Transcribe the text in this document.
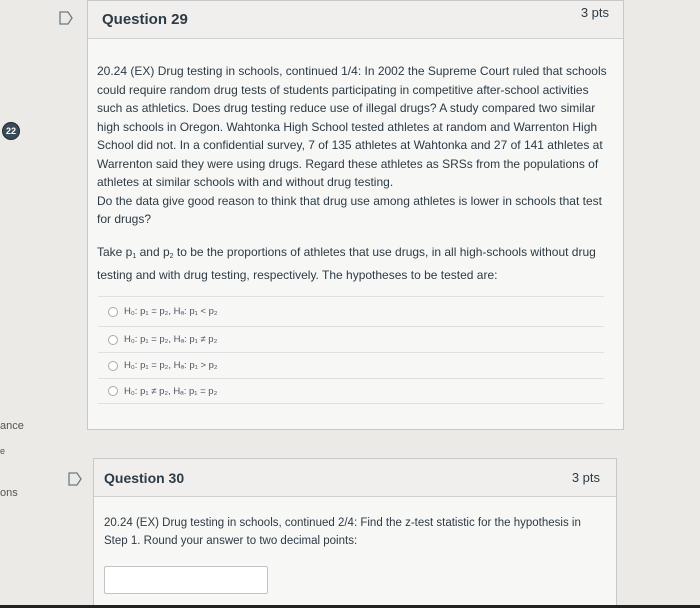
22
ance
e
ons
Question 29	3 pts
20.24 (EX) Drug testing in schools, continued 1/4: In 2002 the Supreme Court ruled that schools could require random drug tests of students participating in competitive after-school activities such as athletics. Does drug testing reduce use of illegal drugs? A study compared two similar high schools in Oregon. Wahtonka High School tested athletes at random and Warrenton High School did not. In a confidential survey, 7 of 135 athletes at Wahtonka and 27 of 141 athletes at Warrenton said they were using drugs. Regard these athletes as SRSs from the populations of athletes at similar schools with and without drug testing.
Do the data give good reason to think that drug use among athletes is lower in schools that test for drugs?
Take $p_1$ and $p_2$ to be the proportions of athletes that use drugs, in all high-schools without drug testing and with drug testing, respectively. The hypotheses to be tested are:
H₀: p₁ = p₂, Hₐ: p₁ < p₂
H₀: p₁ = p₂, Hₐ: p₁ ≠ p₂
H₀: p₁ = p₂, Hₐ: p₁ > p₂
H₀: p₁ ≠ p₂, Hₐ: p₁ = p₂
Question 30	3 pts
20.24 (EX) Drug testing in schools, continued 2/4: Find the z-test statistic for the hypothesis in Step 1. Round your answer to two decimal points:
